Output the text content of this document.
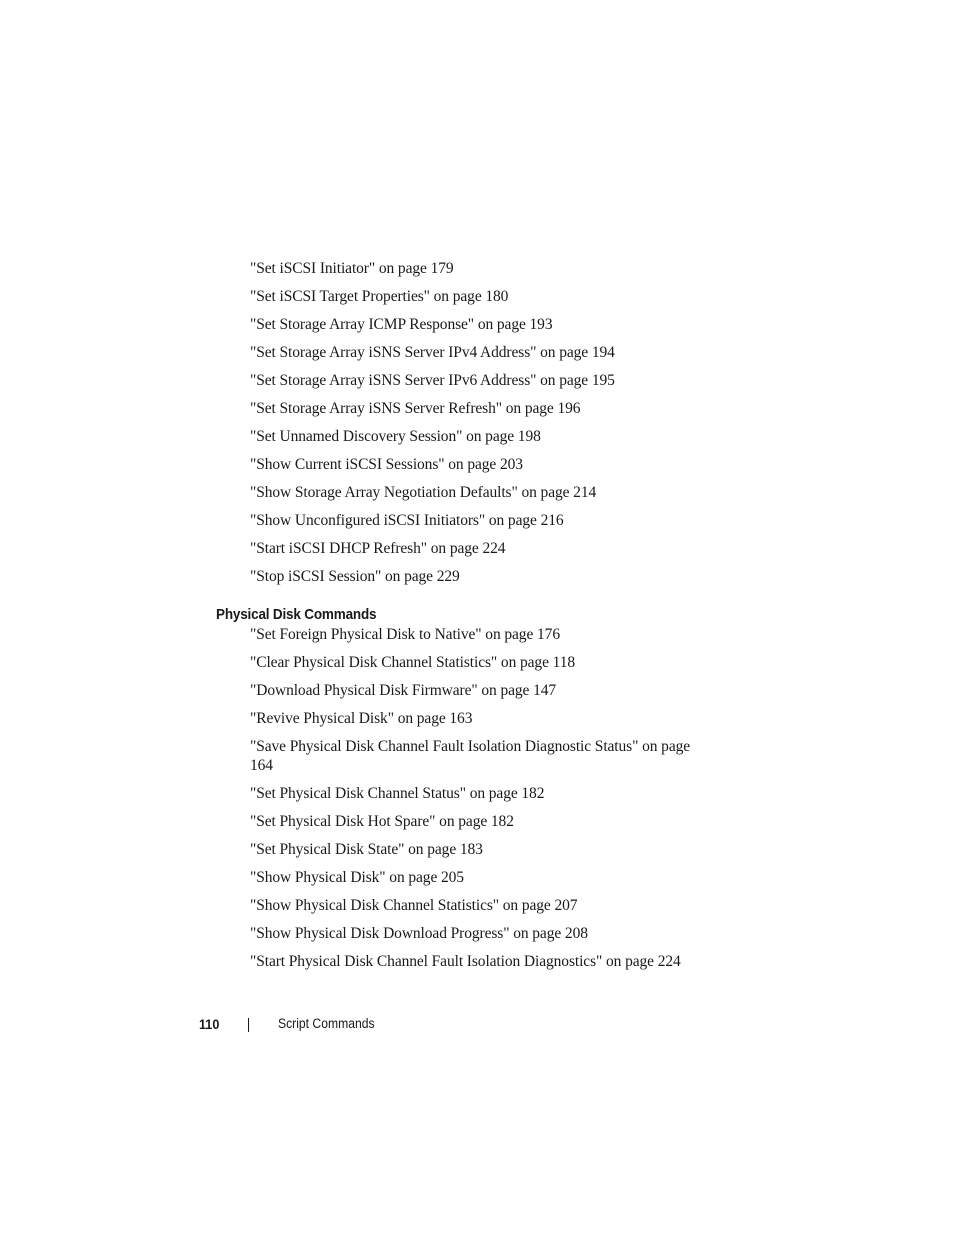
"Set iSCSI Initiator" on page 179
"Set iSCSI Target Properties" on page 180
"Set Storage Array ICMP Response" on page 193
"Set Storage Array iSNS Server IPv4 Address" on page 194
"Set Storage Array iSNS Server IPv6 Address" on page 195
"Set Storage Array iSNS Server Refresh" on page 196
"Set Unnamed Discovery Session" on page 198
"Show Current iSCSI Sessions" on page 203
"Show Storage Array Negotiation Defaults" on page 214
"Show Unconfigured iSCSI Initiators" on page 216
"Start iSCSI DHCP Refresh" on page 224
"Stop iSCSI Session" on page 229
Physical Disk Commands
"Set Foreign Physical Disk to Native" on page 176
"Clear Physical Disk Channel Statistics" on page 118
"Download Physical Disk Firmware" on page 147
"Revive Physical Disk" on page 163
"Save Physical Disk Channel Fault Isolation Diagnostic Status" on page 164
"Set Physical Disk Channel Status" on page 182
"Set Physical Disk Hot Spare" on page 182
"Set Physical Disk State" on page 183
"Show Physical Disk" on page 205
"Show Physical Disk Channel Statistics" on page 207
"Show Physical Disk Download Progress" on page 208
"Start Physical Disk Channel Fault Isolation Diagnostics" on page 224
110	Script Commands
